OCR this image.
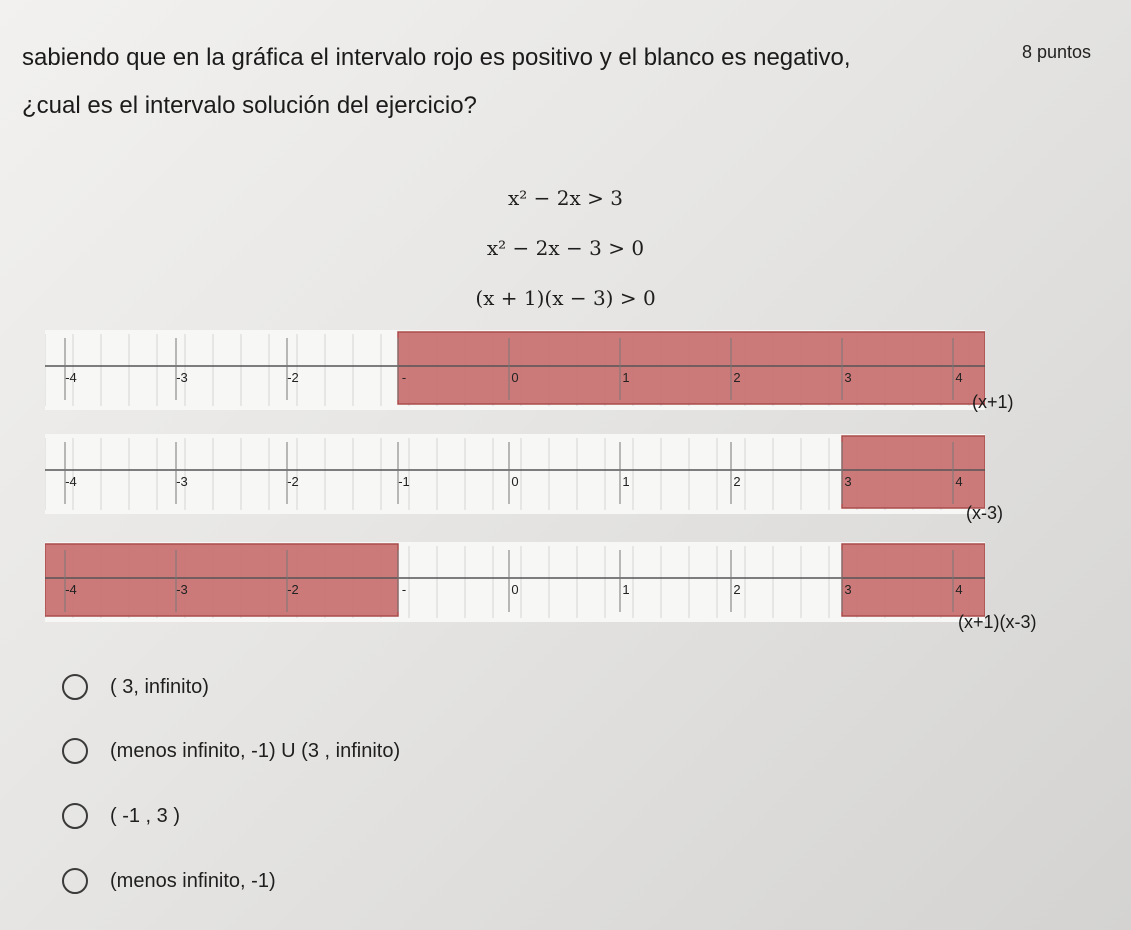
sabiendo que en la gráfica el intervalo rojo es positivo y el blanco es negativo, ¿cual es el intervalo solución del ejercicio?
8 puntos
x² − 2x > 3
x² − 2x − 3 > 0
(x + 1)(x − 3) > 0
-4	-3	-2	-	0	1	2	3	4
(x+1)
-4	-3	-2	-1	0	1	2	3	4
(x-3)
-4	-3	-2	-	0	1	2	3	4
(x+1)(x-3)
( 3, infinito)
(menos infinito, -1) U (3 , infinito)
( -1 , 3 )
(menos infinito, -1)
